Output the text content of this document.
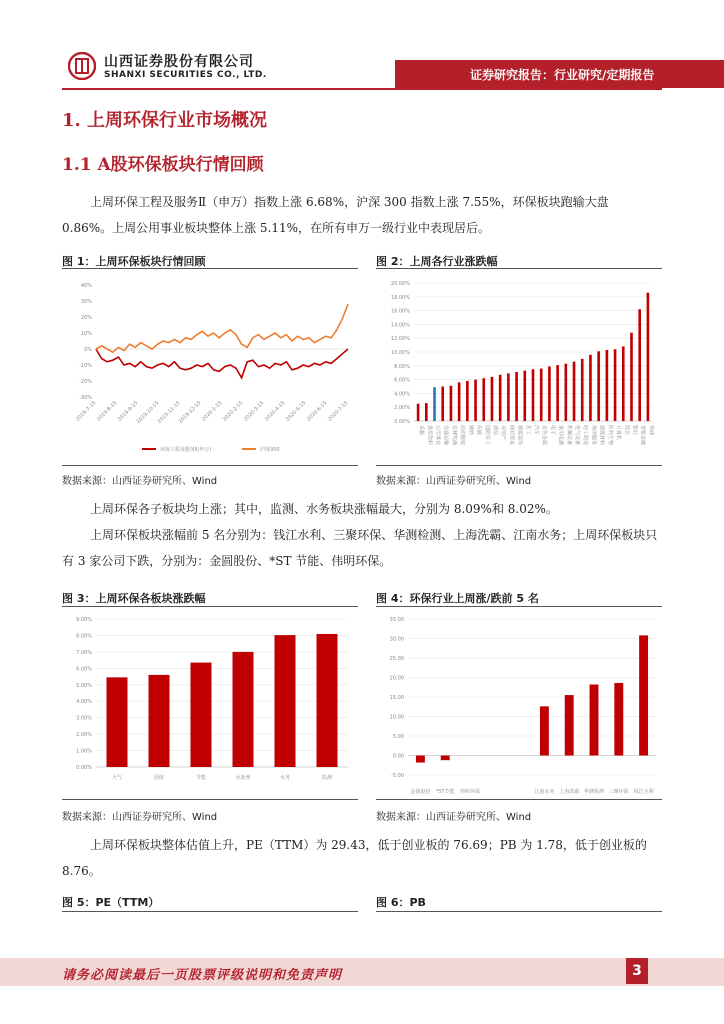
山西证券股份有限公司
SHANXI SECURITIES CO., LTD.	证券研究报告：行业研究/定期报告
1. 上周环保行业市场概况
1.1 A股环保板块行情回顾

上周环保工程及服务Ⅱ（申万）指数上涨 6.68%，沪深 300 指数上涨 7.55%，环保板块跑输大盘 0.86%。上周公用事业板块整体上涨 5.11%，在所有申万一级行业中表现居后。

图 1：上周环保板块行情回顾
40%
30%
20%
10%
0%
-10%
-20%
-30%
2019-7-15
2019-8-15
2019-9-15
2019-10-15
2019-11-15
2019-12-15
2020-1-15
2020-2-15
2020-3-15
2020-4-15
2020-5-15
2020-6-15
2020-7-15
环保工程及服务Ⅱ(申万)	沪深300
数据来源：山西证券研究所、Wind
图 2：上周各行业涨跌幅
20.00%
18.00%
16.00%
14.00%
12.00%
10.00%
8.00%
6.00%
4.00%
2.00%
0.00%
采掘 食品饮料 公用事业 交通运输 农林牧渔 纺织服装 钢铁 传媒 国防军工 通信 房地产 商业贸易 建筑装饰 化工 汽车 有色金属 电子 家用电器 机械设备 电气设备 轻工制造 休闲服务 建筑材料 医药生物 计算机 综合 银行 非银金融 券商
数据来源：山西证券研究所、Wind

上周环保各子板块均上涨；其中，监测、水务板块涨幅最大，分别为 8.09%和 8.02%。

上周环保板块涨幅前 5 名分别为：钱江水利、三聚环保、华测检测、上海洗霸、江南水务；上周环保板块只有 3 家公司下跌，分别为：金圆股份、*ST 节能、伟明环保。

图 3：上周环保各板块涨跌幅
9.00%
8.00%
7.00%
6.00%
5.00%
4.00%
3.00%
2.00%
1.00%
0.00%
大气	固废	节能	水处理	水务	监测
数据来源：山西证券研究所、Wind
图 4：环保行业上周涨/跌前 5 名
35.00
30.00
25.00
20.00
15.00
10.00
5.00
0.00
-5.00
金圆股份 *ST节能 伟明环保	江南水务 上海洗霸 华测检测 三聚环保 钱江水利
数据来源：山西证券研究所、Wind

上周环保板块整体估值上升，PE（TTM）为 29.43，低于创业板的 76.69；PB 为 1.78，低于创业板的 8.76。

图 5：PE（TTM）	图 6：PB
请务必阅读最后一页股票评级说明和免责声明	3
